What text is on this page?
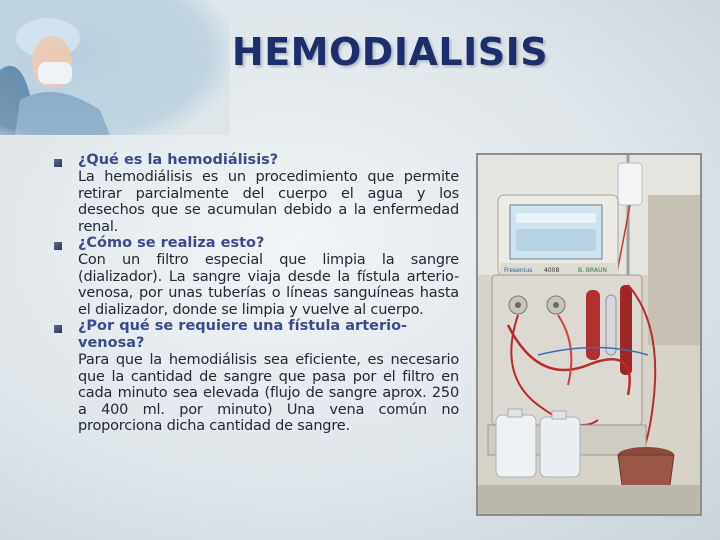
HEMODIALISIS
¿Qué es la hemodiálisis?
La hemodiálisis es un procedimiento que permite retirar parcialmente del cuerpo el agua y los desechos que se acumulan debido a la enfermedad renal.
¿Cómo se realiza esto?
Con un filtro especial que limpia la sangre (dializador). La sangre viaja desde la fístula arterio-venosa, por unas tuberías o líneas sanguíneas hasta el dializador, donde se limpia y vuelve al cuerpo.
¿Por qué se requiere una fístula arterio-venosa?
Para que la hemodiálisis sea eficiente, es necesario que la cantidad de sangre que pasa por el filtro en cada minuto sea elevada (flujo de sangre aprox. 250 a 400 ml. por minuto) Una vena común no proporciona dicha cantidad de sangre.
Fresenius 4008	B. BRAUN
